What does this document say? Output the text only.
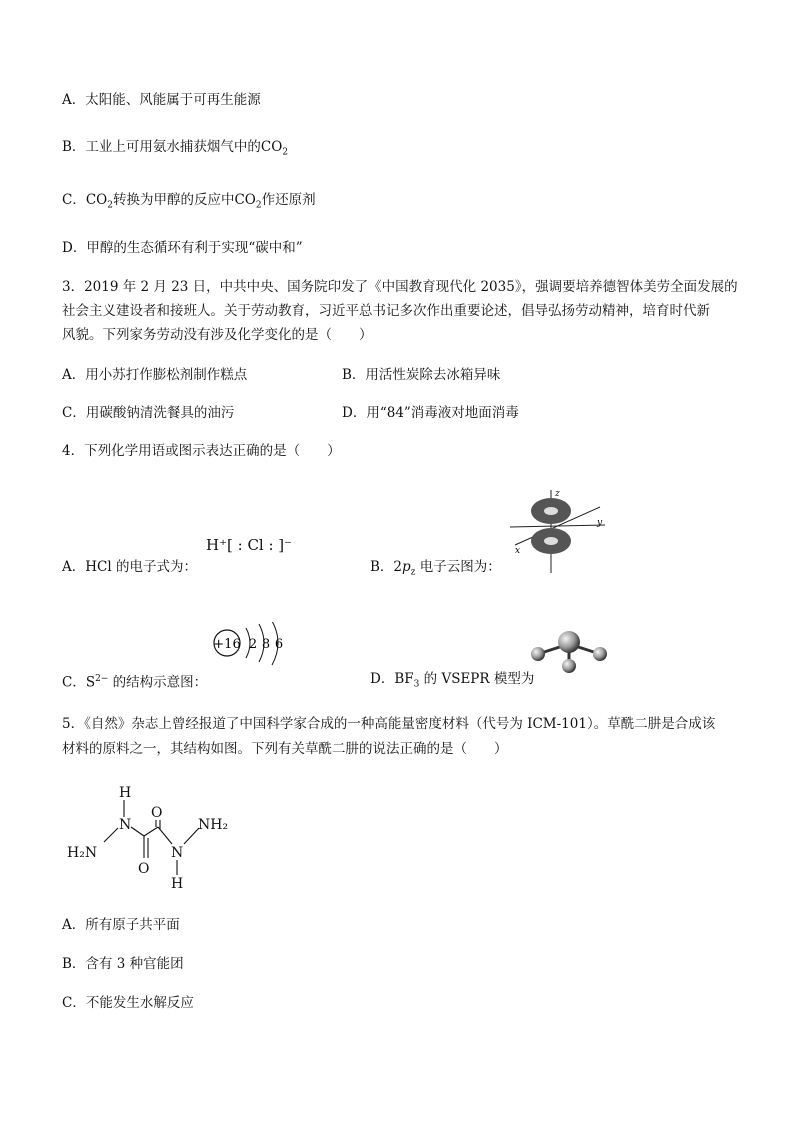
A．太阳能、风能属于可再生能源
B．工业上可用氨水捕获烟气中的$CO_2$
C．$CO_2$转换为甲醇的反应中$CO_2$作还原剂
D．甲醇的生态循环有利于实现“碳中和”
3．2019 年 2 月 23 日，中共中央、国务院印发了《中国教育现代化 2035》，强调要培养德智体美劳全面发展的
社会主义建设者和接班人。关于劳动教育，习近平总书记多次作出重要论述，倡导弘扬劳动精神，培育时代新
风貌。下列家务劳动没有涉及化学变化的是（　　）
A．用小苏打作膨松剂制作糕点	B．用活性炭除去冰箱异味
C．用碳酸钠清洗餐具的油污	D．用“84”消毒液对地面消毒
4．下列化学用语或图示表达正确的是（　　）
A．HCl 的电子式为：
H⁺[ : Cl : ]⁻
B．$2p_z$ 电子云图为：
z
y
x
C．$S^{2-}$ 的结构示意图：
+16 2 8 6
D．$BF_3$ 的 VSEPR 模型为
5．《自然》杂志上曾经报道了中国科学家合成的一种高能量密度材料（代号为 ICM-101）。草酰二肼是合成该
材料的原料之一，其结构如图。下列有关草酰二肼的说法正确的是（　　）
H
N
O
NH₂
H₂N
O
N
H
A．所有原子共平面
B．含有 3 种官能团
C．不能发生水解反应
